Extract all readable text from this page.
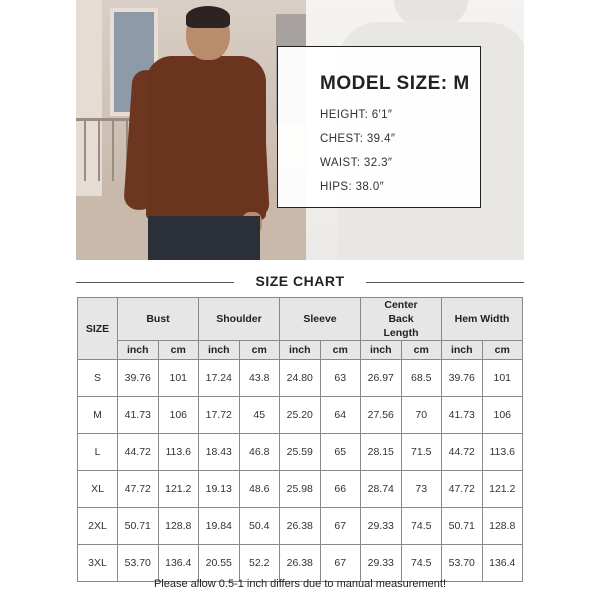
MODEL SIZE: M
HEIGHT: 6′1″
CHEST: 39.4″
WAIST: 32.3″
HIPS: 38.0″
SIZE CHART
SIZE	Bust		Shoulder		Sleeve		Center Back Length		Hem Width	
	inch	cm	inch	cm	inch	cm	inch	cm	inch	cm
S	39.76	101	17.24	43.8	24.80	63	26.97	68.5	39.76	101
M	41.73	106	17.72	45	25.20	64	27.56	70	41.73	106
L	44.72	113.6	18.43	46.8	25.59	65	28.15	71.5	44.72	113.6
XL	47.72	121.2	19.13	48.6	25.98	66	28.74	73	47.72	121.2
2XL	50.71	128.8	19.84	50.4	26.38	67	29.33	74.5	50.71	128.8
3XL	53.70	136.4	20.55	52.2	26.38	67	29.33	74.5	53.70	136.4
Please allow 0.5-1 inch differs due to manual measurement!
